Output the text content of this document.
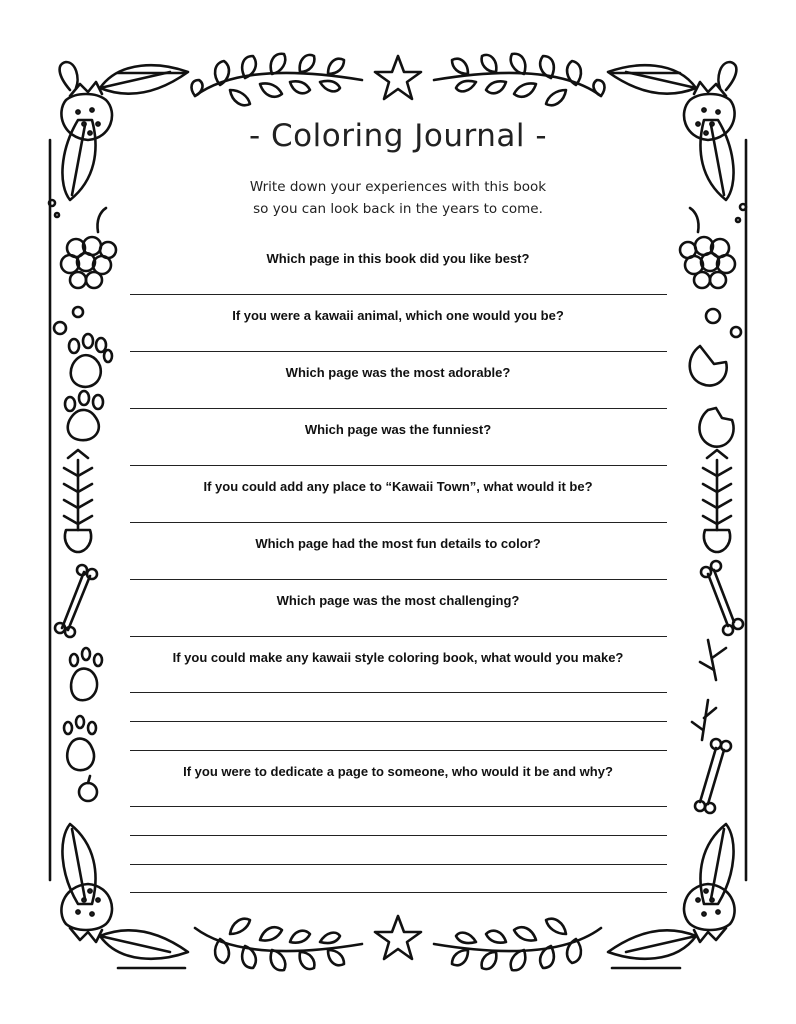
- Coloring Journal -
Write down your experiences with this book
so you can look back in the years to come.
Which page in this book did you like best?
If you were a kawaii animal, which one would you be?
Which page was the most adorable?
Which page was the funniest?
If you could add any place to “Kawaii Town”, what would it be?
Which page had the most fun details to color?
Which page was the most challenging?
If you could make any kawaii style coloring book, what would you make?
If you were to dedicate a page to someone, who would it be and why?
